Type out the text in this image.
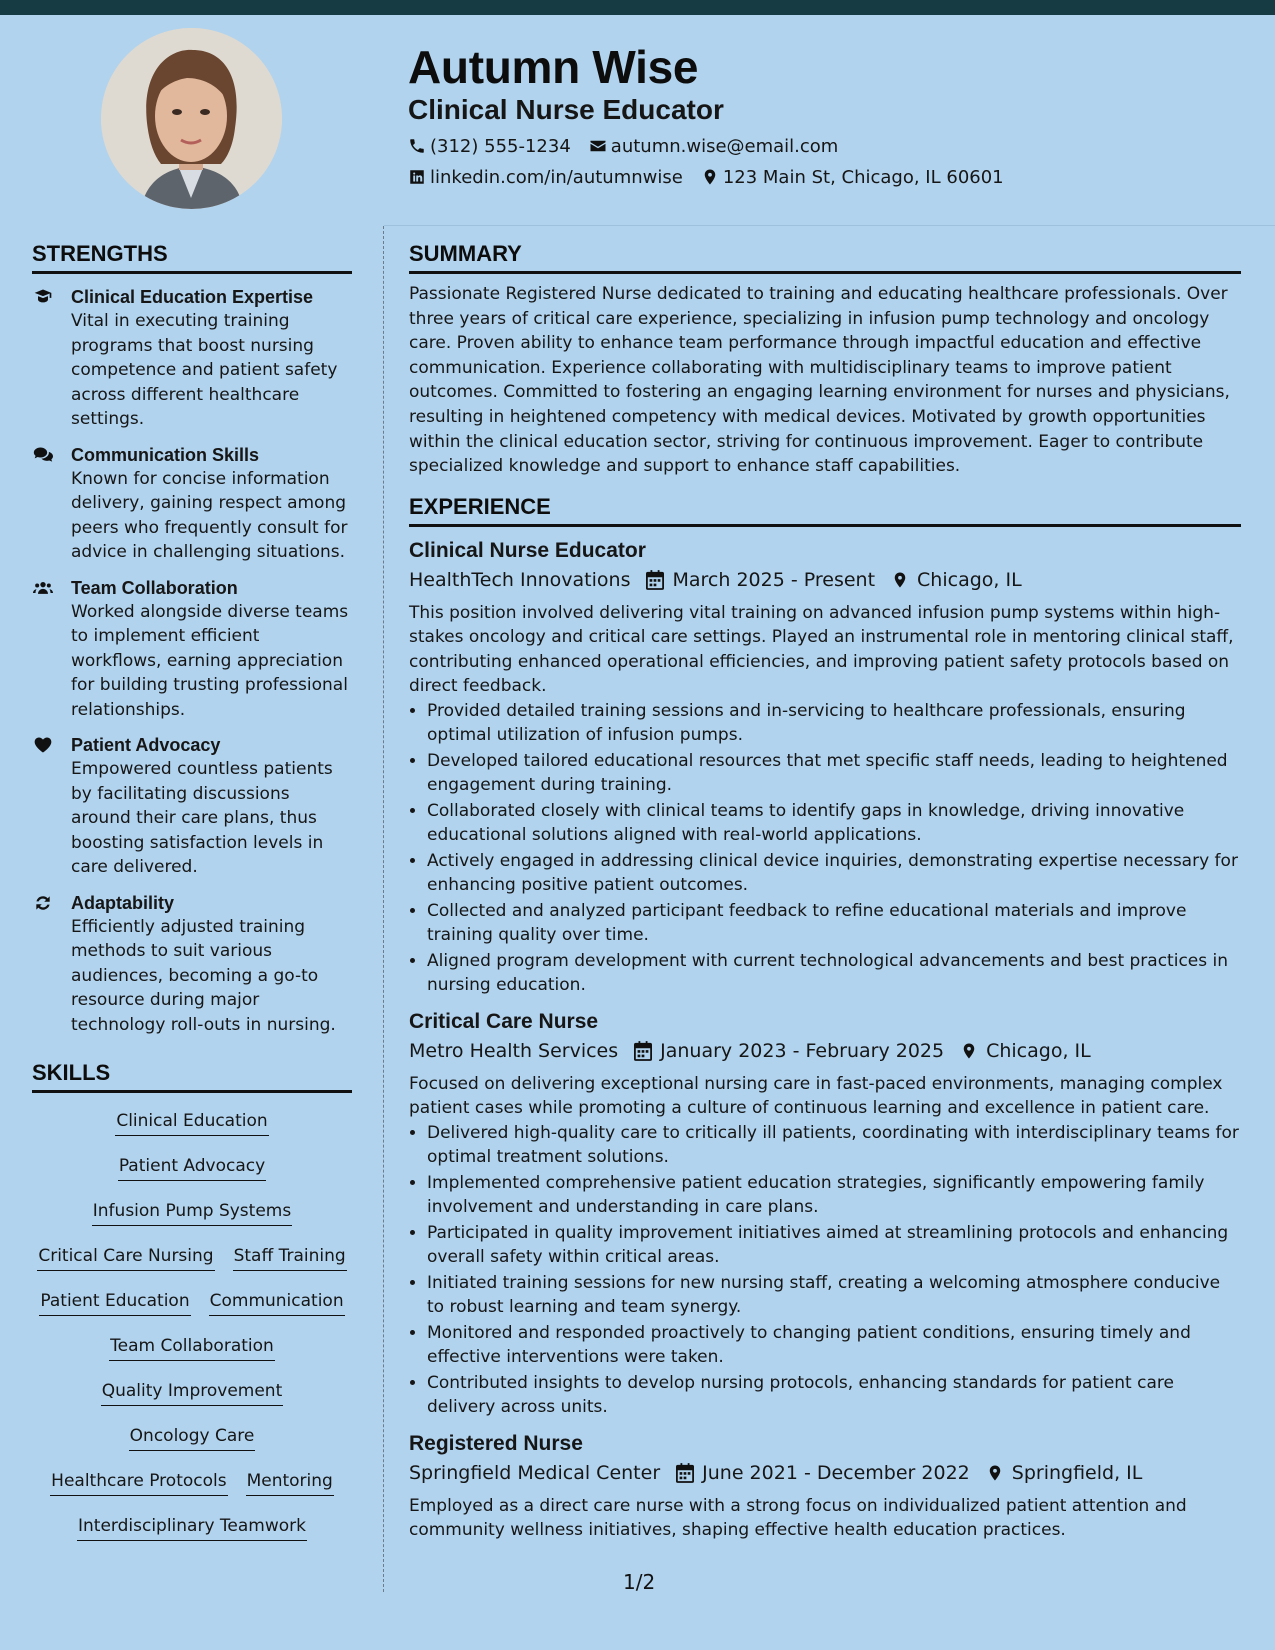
Autumn Wise
Clinical Nurse Educator
(312) 555-1234 autumn.wise@email.com
linkedin.com/in/autumnwise 123 Main St, Chicago, IL 60601
STRENGTHS

Clinical Education Expertise

Vital in executing training programs that boost nursing competence and patient safety across different healthcare settings.

Communication Skills

Known for concise information delivery, gaining respect among peers who frequently consult for advice in challenging situations.

Team Collaboration

Worked alongside diverse teams to implement efficient workflows, earning appreciation for building trusting professional relationships.

Patient Advocacy

Empowered countless patients by facilitating discussions around their care plans, thus boosting satisfaction levels in care delivered.

Adaptability

Efficiently adjusted training methods to suit various audiences, becoming a go-to resource during major technology roll-outs in nursing.

SKILLS
Clinical Education
Patient Advocacy
Infusion Pump Systems
Critical Care Nursing Staff Training
Patient Education Communication
Team Collaboration
Quality Improvement
Oncology Care
Healthcare Protocols Mentoring
Interdisciplinary Teamwork
SUMMARY

Passionate Registered Nurse dedicated to training and educating healthcare professionals. Over three years of critical care experience, specializing in infusion pump technology and oncology care. Proven ability to enhance team performance through impactful education and effective communication. Experience collaborating with multidisciplinary teams to improve patient outcomes. Committed to fostering an engaging learning environment for nurses and physicians, resulting in heightened competency with medical devices. Motivated by growth opportunities within the clinical education sector, striving for continuous improvement. Eager to contribute specialized knowledge and support to enhance staff capabilities.

EXPERIENCE

Clinical Nurse Educator

HealthTech Innovations March 2025 - Present Chicago, IL

This position involved delivering vital training on advanced infusion pump systems within high-stakes oncology and critical care settings. Played an instrumental role in mentoring clinical staff, contributing enhanced operational efficiencies, and improving patient safety protocols based on direct feedback.

• Provided detailed training sessions and in-servicing to healthcare professionals, ensuring optimal utilization of infusion pumps.
• Developed tailored educational resources that met specific staff needs, leading to heightened engagement during training.
• Collaborated closely with clinical teams to identify gaps in knowledge, driving innovative educational solutions aligned with real-world applications.
• Actively engaged in addressing clinical device inquiries, demonstrating expertise necessary for enhancing positive patient outcomes.
• Collected and analyzed participant feedback to refine educational materials and improve training quality over time.
• Aligned program development with current technological advancements and best practices in nursing education.

Critical Care Nurse

Metro Health Services January 2023 - February 2025 Chicago, IL

Focused on delivering exceptional nursing care in fast-paced environments, managing complex patient cases while promoting a culture of continuous learning and excellence in patient care.

• Delivered high-quality care to critically ill patients, coordinating with interdisciplinary teams for optimal treatment solutions.
• Implemented comprehensive patient education strategies, significantly empowering family involvement and understanding in care plans.
• Participated in quality improvement initiatives aimed at streamlining protocols and enhancing overall safety within critical areas.
• Initiated training sessions for new nursing staff, creating a welcoming atmosphere conducive to robust learning and team synergy.
• Monitored and responded proactively to changing patient conditions, ensuring timely and effective interventions were taken.
• Contributed insights to develop nursing protocols, enhancing standards for patient care delivery across units.

Registered Nurse

Springfield Medical Center June 2021 - December 2022 Springfield, IL

Employed as a direct care nurse with a strong focus on individualized patient attention and community wellness initiatives, shaping effective health education practices.

1/2
